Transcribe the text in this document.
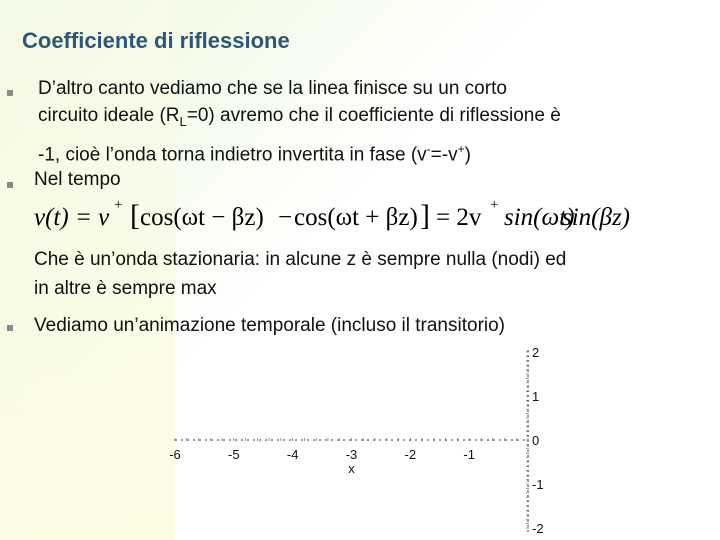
Coefficiente di riflessione
D’altro canto vediamo che se la linea finisce su un corto
circuito ideale $(R_L=0)$ avremo che il coefficiente di riflessione è
-1, cioè l’onda torna indietro invertita in fase (v-=-v+)
Nel tempo
v(t) = v + [ cos(ωt − βz) − cos(ωt + βz) ] = 2v + sin(ωt)
sin(βz)
Che è un’onda stazionaria: in alcune z è sempre nulla (nodi) ed
in altre è sempre max
Vediamo un’animazione temporale (incluso il transitorio)
-6	-5	-4	-3	-2	-1
x
2
1
0
-1
-2
